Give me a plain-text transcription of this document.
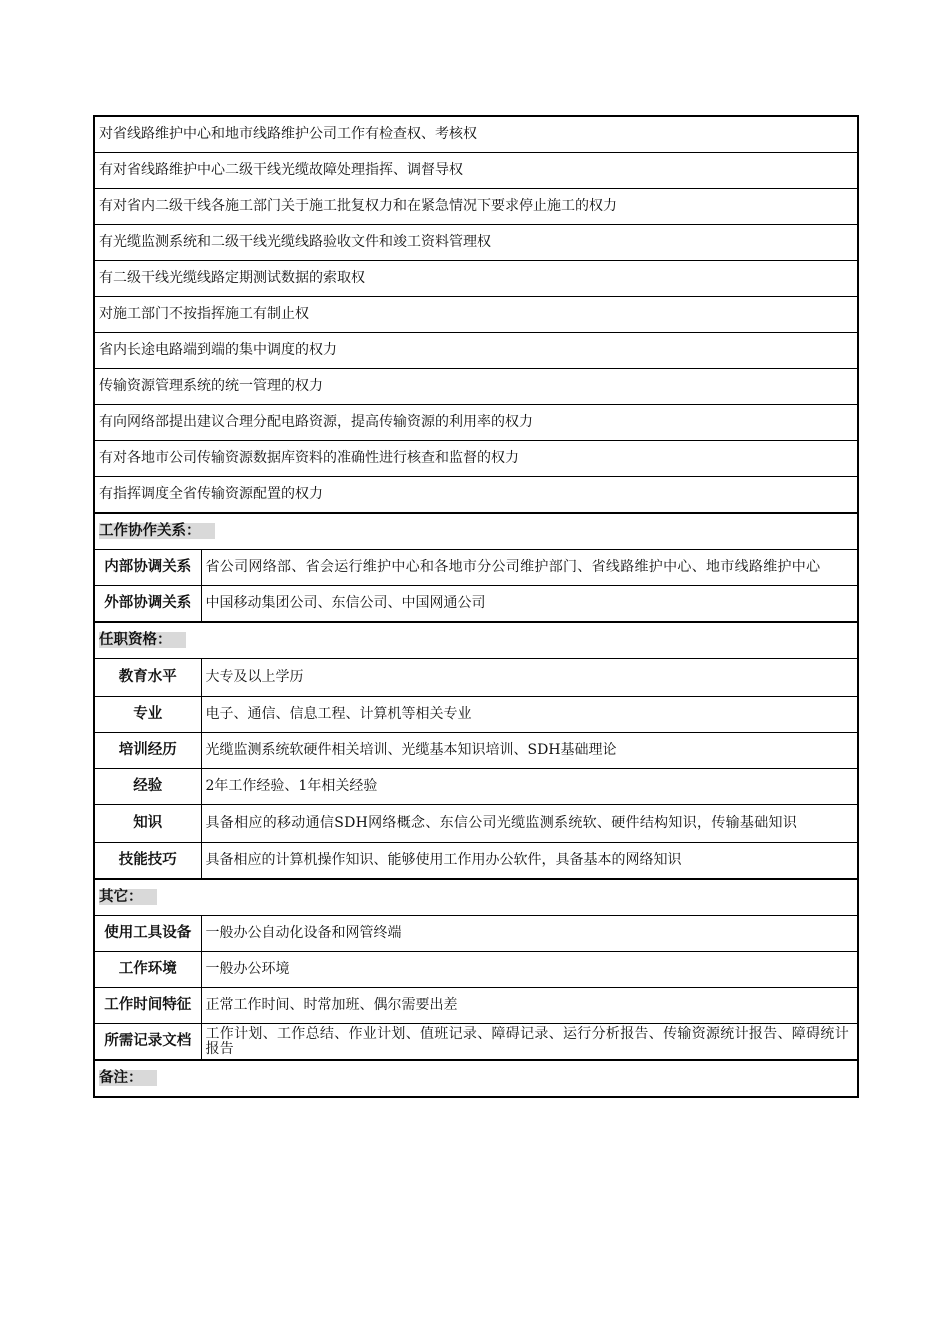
对省线路维护中心和地市线路维护公司工作有检查权、考核权	
有对省线路维护中心二级干线光缆故障处理指挥、调督导权	
有对省内二级干线各施工部门关于施工批复权力和在紧急情况下要求停止施工的权力	
有光缆监测系统和二级干线光缆线路验收文件和竣工资料管理权	
有二级干线光缆线路定期测试数据的索取权	
对施工部门不按指挥施工有制止权	
省内长途电路端到端的集中调度的权力	
传输资源管理系统的统一管理的权力	
有向网络部提出建议合理分配电路资源，提高传输资源的利用率的权力	
有对各地市公司传输资源数据库资料的准确性进行核查和监督的权力	
有指挥调度全省传输资源配置的权力	
工作协作关系：	
内部协调关系	省公司网络部、省会运行维护中心和各地市分公司维护部门、省线路维护中心、地市线路维护中心
外部协调关系	中国移动集团公司、东信公司、中国网通公司
任职资格：	
教育水平	大专及以上学历
专业	电子、通信、信息工程、计算机等相关专业
培训经历	光缆监测系统软硬件相关培训、光缆基本知识培训、SDH基础理论
经验	2年工作经验、1年相关经验
知识	具备相应的移动通信SDH网络概念、东信公司光缆监测系统软、硬件结构知识，传输基础知识
技能技巧	具备相应的计算机操作知识、能够使用工作用办公软件，具备基本的网络知识
其它：	
使用工具设备	一般办公自动化设备和网管终端
工作环境	一般办公环境
工作时间特征	正常工作时间、时常加班、偶尔需要出差
所需记录文档	工作计划、工作总结、作业计划、值班记录、障碍记录、运行分析报告、传输资源统计报告、障碍统计报告
备注：	
